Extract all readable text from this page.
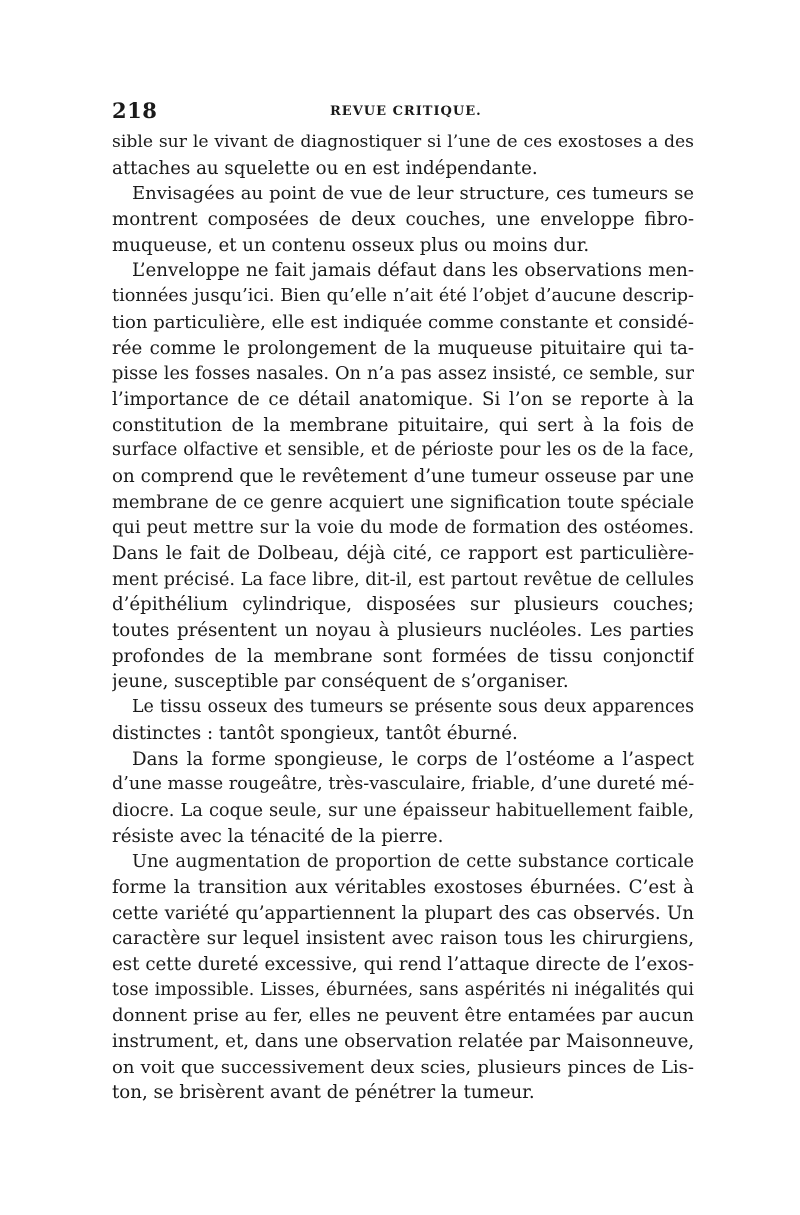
218	REVUE CRITIQUE.
sible sur le vivant de diagnostiquer si l’une de ces exostoses a des
attaches au squelette ou en est indépendante.
Envisagées au point de vue de leur structure, ces tumeurs se
montrent composées de deux couches, une enveloppe fibro-
muqueuse, et un contenu osseux plus ou moins dur.
L’enveloppe ne fait jamais défaut dans les observations men-
tionnées jusqu’ici. Bien qu’elle n’ait été l’objet d’aucune descrip-
tion particulière, elle est indiquée comme constante et considé-
rée comme le prolongement de la muqueuse pituitaire qui ta-
pisse les fosses nasales. On n’a pas assez insisté, ce semble, sur
l’importance de ce détail anatomique. Si l’on se reporte à la
constitution de la membrane pituitaire, qui sert à la fois de
surface olfactive et sensible, et de périoste pour les os de la face,
on comprend que le revêtement d’une tumeur osseuse par une
membrane de ce genre acquiert une signification toute spéciale
qui peut mettre sur la voie du mode de formation des ostéomes.
Dans le fait de Dolbeau, déjà cité, ce rapport est particulière-
ment précisé. La face libre, dit-il, est partout revêtue de cellules
d’épithélium cylindrique, disposées sur plusieurs couches;
toutes présentent un noyau à plusieurs nucléoles. Les parties
profondes de la membrane sont formées de tissu conjonctif
jeune, susceptible par conséquent de s’organiser.
Le tissu osseux des tumeurs se présente sous deux apparences
distinctes : tantôt spongieux, tantôt éburné.
Dans la forme spongieuse, le corps de l’ostéome a l’aspect
d’une masse rougeâtre, très-vasculaire, friable, d’une dureté mé-
diocre. La coque seule, sur une épaisseur habituellement faible,
résiste avec la ténacité de la pierre.
Une augmentation de proportion de cette substance corticale
forme la transition aux véritables exostoses éburnées. C’est à
cette variété qu’appartiennent la plupart des cas observés. Un
caractère sur lequel insistent avec raison tous les chirurgiens,
est cette dureté excessive, qui rend l’attaque directe de l’exos-
tose impossible. Lisses, éburnées, sans aspérités ni inégalités qui
donnent prise au fer, elles ne peuvent être entamées par aucun
instrument, et, dans une observation relatée par Maisonneuve,
on voit que successivement deux scies, plusieurs pinces de Lis-
ton, se brisèrent avant de pénétrer la tumeur.
